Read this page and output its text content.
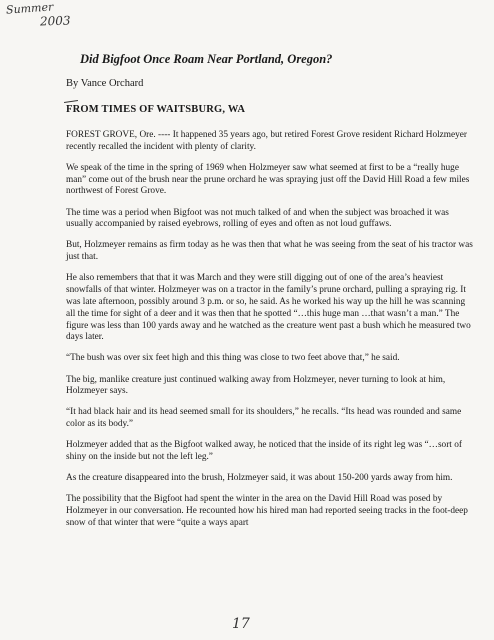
Summer
2003
Did Bigfoot Once Roam Near Portland, Oregon?
By Vance Orchard
FROM TIMES OF WAITSBURG, WA

FOREST GROVE, Ore. ---- It happened 35 years ago, but retired Forest Grove resident Richard Holzmeyer recently recalled the incident with plenty of clarity.

We speak of the time in the spring of 1969 when Holzmeyer saw what seemed at first to be a “really huge man” come out of the brush near the prune orchard he was spraying just off the David Hill Road a few miles northwest of Forest Grove.

The time was a period when Bigfoot was not much talked of and when the subject was broached it was usually accompanied by raised eyebrows, rolling of eyes and often as not loud guffaws.

But, Holzmeyer remains as firm today as he was then that what he was seeing from the seat of his tractor was just that.

He also remembers that that it was March and they were still digging out of one of the area’s heaviest snowfalls of that winter. Holzmeyer was on a tractor in the family’s prune orchard, pulling a spraying rig. It was late afternoon, possibly around 3 p.m. or so, he said. As he worked his way up the hill he was scanning all the time for sight of a deer and it was then that he spotted “…this huge man …that wasn’t a man.” The figure was less than 100 yards away and he watched as the creature went past a bush which he measured two days later.

“The bush was over six feet high and this thing was close to two feet above that,” he said.

The big, manlike creature just continued walking away from Holzmeyer, never turning to look at him, Holzmeyer says.

“It had black hair and its head seemed small for its shoulders,” he recalls. “Its head was rounded and same color as its body.”

Holzmeyer added that as the Bigfoot walked away, he noticed that the inside of its right leg was “…sort of shiny on the inside but not the left leg.”

As the creature disappeared into the brush, Holzmeyer said, it was about 150-200 yards away from him.

The possibility that the Bigfoot had spent the winter in the area on the David Hill Road was posed by Holzmeyer in our conversation. He recounted how his hired man had reported seeing tracks in the foot-deep snow of that winter that were “quite a ways apart

17
